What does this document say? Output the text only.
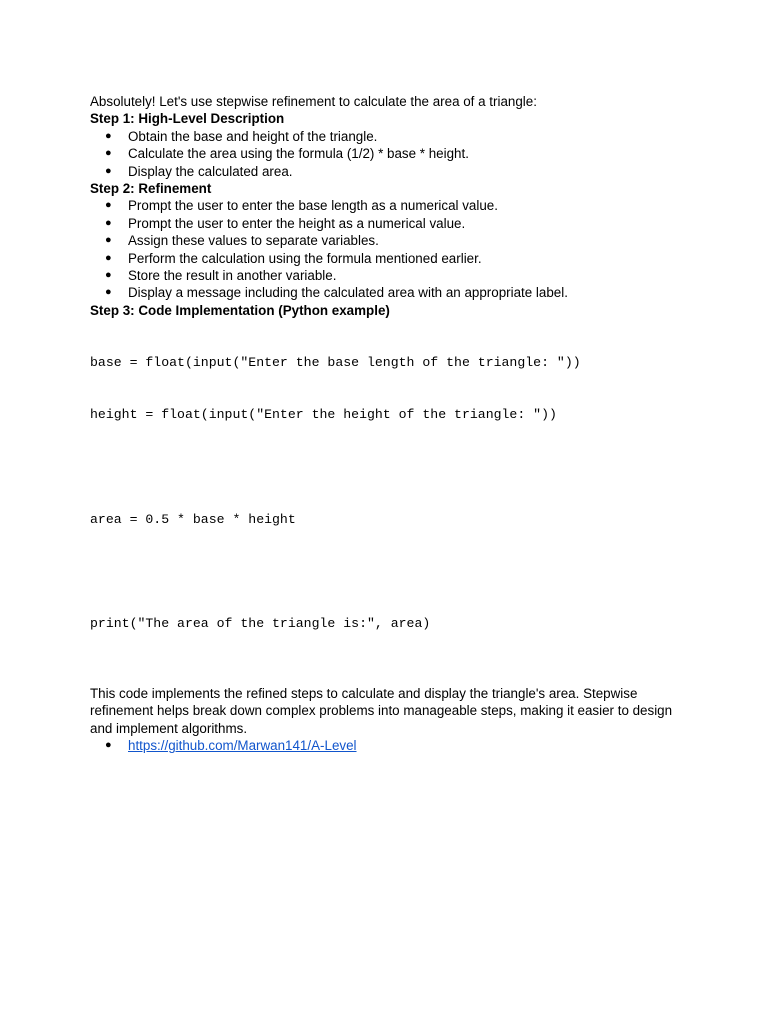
Absolutely! Let's use stepwise refinement to calculate the area of a triangle:

Step 1: High-Level Description

● Obtain the base and height of the triangle.
● Calculate the area using the formula (1/2) * base * height.
● Display the calculated area.

Step 2: Refinement

● Prompt the user to enter the base length as a numerical value.
● Prompt the user to enter the height as a numerical value.
● Assign these values to separate variables.
● Perform the calculation using the formula mentioned earlier.
● Store the result in another variable.
● Display a message including the calculated area with an appropriate label.

Step 3: Code Implementation (Python example)

base = float(input("Enter the base length of the triangle: "))

height = float(input("Enter the height of the triangle: "))

area = 0.5 * base * height

print("The area of the triangle is:", area)

This code implements the refined steps to calculate and display the triangle's area. Stepwise refinement helps break down complex problems into manageable steps, making it easier to design and implement algorithms.

● https://github.com/Marwan141/A-Level
